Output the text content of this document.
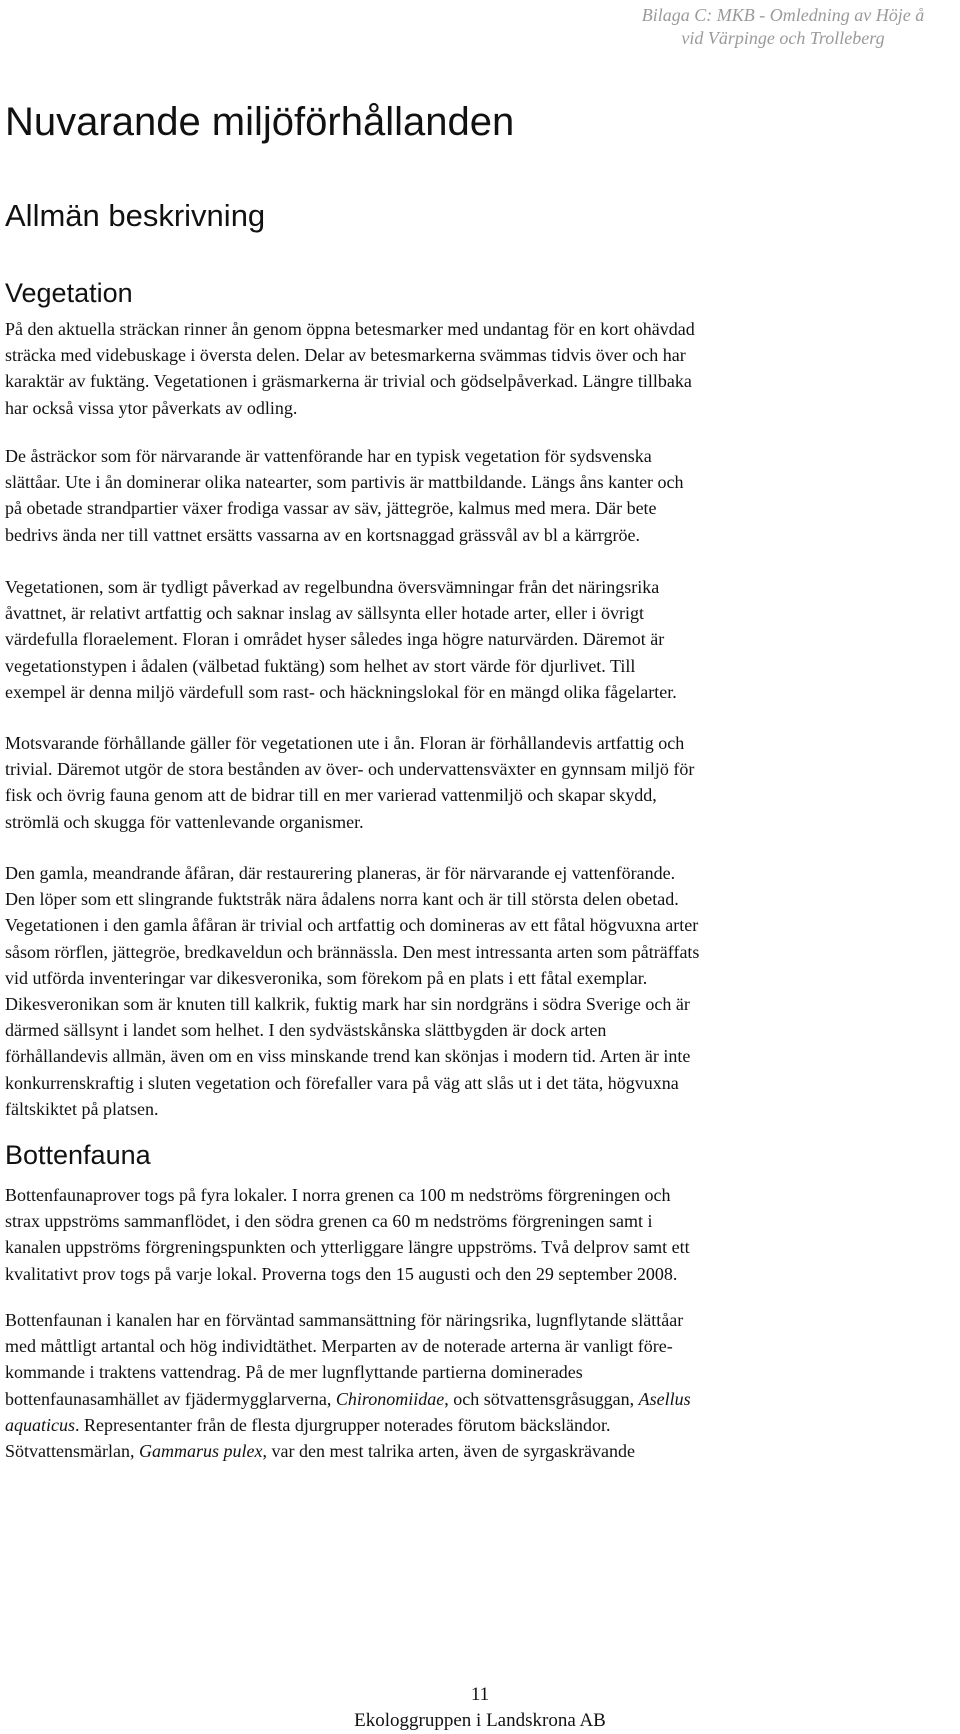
Bilaga C: MKB - Omledning av Höje å
vid Värpinge och Trolleberg
Nuvarande miljöförhållanden
Allmän beskrivning
Vegetation

På den aktuella sträckan rinner ån genom öppna betesmarker med undantag för en kort ohävdad
sträcka med videbuskage i översta delen. Delar av betesmarkerna svämmas tidvis över och har
karaktär av fuktäng. Vegetationen i gräsmarkerna är trivial och gödselpåverkad. Längre tillbaka
har också vissa ytor påverkats av odling.

De åsträckor som för närvarande är vattenförande har en typisk vegetation för sydsvenska
slättåar. Ute i ån dominerar olika natearter, som partivis är mattbildande. Längs åns kanter och
på obetade strandpartier växer frodiga vassar av säv, jättegröe, kalmus med mera. Där bete
bedrivs ända ner till vattnet ersätts vassarna av en kortsnaggad grässvål av bl a kärrgröe.

Vegetationen, som är tydligt påverkad av regelbundna översvämningar från det näringsrika
åvattnet, är relativt artfattig och saknar inslag av sällsynta eller hotade arter, eller i övrigt
värdefulla floraelement. Floran i området hyser således inga högre naturvärden. Däremot är
vegetationstypen i ådalen (välbetad fuktäng) som helhet av stort värde för djurlivet. Till
exempel är denna miljö värdefull som rast- och häckningslokal för en mängd olika fågelarter.

Motsvarande förhållande gäller för vegetationen ute i ån. Floran är förhållandevis artfattig och
trivial. Däremot utgör de stora bestånden av över- och undervattensväxter en gynnsam miljö för
fisk och övrig fauna genom att de bidrar till en mer varierad vattenmiljö och skapar skydd,
strömlä och skugga för vattenlevande organismer.

Den gamla, meandrande åfåran, där restaurering planeras, är för närvarande ej vattenförande.
Den löper som ett slingrande fuktstråk nära ådalens norra kant och är till största delen obetad.
Vegetationen i den gamla åfåran är trivial och artfattig och domineras av ett fåtal högvuxna arter
såsom rörflen, jättegröe, bredkaveldun och brännässla. Den mest intressanta arten som påträffats
vid utförda inventeringar var dikesveronika, som förekom på en plats i ett fåtal exemplar.
Dikesveronikan som är knuten till kalkrik, fuktig mark har sin nordgräns i södra Sverige och är
därmed sällsynt i landet som helhet. I den sydvästskånska slättbygden är dock arten
förhållandevis allmän, även om en viss minskande trend kan skönjas i modern tid. Arten är inte
konkurrenskraftig i sluten vegetation och förefaller vara på väg att slås ut i det täta, högvuxna
fältskiktet på platsen.

Bottenfauna

Bottenfaunaprover togs på fyra lokaler. I norra grenen ca 100 m nedströms förgreningen och
strax uppströms sammanflödet, i den södra grenen ca 60 m nedströms förgreningen samt i
kanalen uppströms förgreningspunkten och ytterliggare längre uppströms. Två delprov samt ett
kvalitativt prov togs på varje lokal. Proverna togs den 15 augusti och den 29 september 2008.

Bottenfaunan i kanalen har en förväntad sammansättning för näringsrika, lugnflytande slättåar
med måttligt artantal och hög individtäthet. Merparten av de noterade arterna är vanligt före-
kommande i traktens vattendrag. På de mer lugnflyttande partierna dominerades
bottenfaunasamhället av fjädermygglarverna, Chironomiidae, och sötvattensgråsuggan, Asellus
aquaticus. Representanter från de flesta djurgrupper noterades förutom bäcksländor.
Sötvattensmärlan, Gammarus pulex, var den mest talrika arten, även de syrgaskrävande

11
Ekologgruppen i Landskrona AB
